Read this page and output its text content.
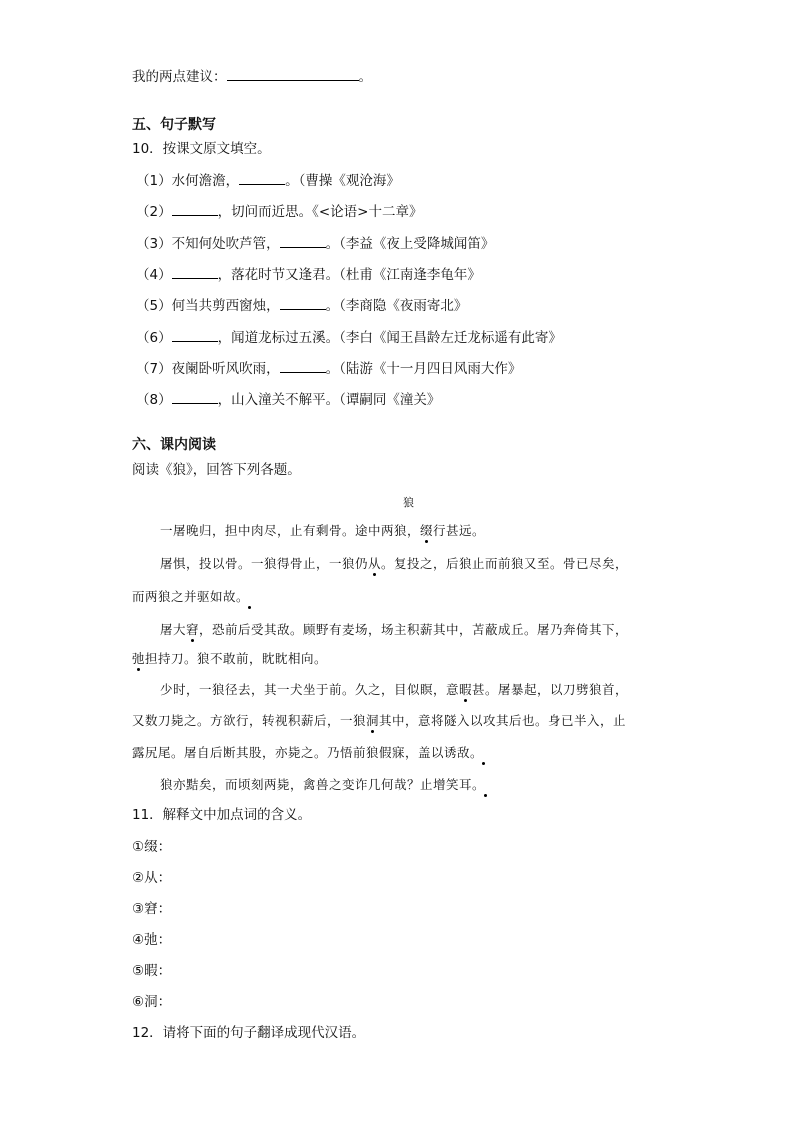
我的两点建议：	。
五、句子默写
10．按课文原文填空。
（1）水何澹澹，	。（曹操《观沧海》
（2）	，切问而近思。《<论语>十二章》
（3）不知何处吹芦管，	。（李益《夜上受降城闻笛》
（4）	，落花时节又逢君。（杜甫《江南逢李龟年》
（5）何当共剪西窗烛，	。（李商隐《夜雨寄北》
（6）	，闻道龙标过五溪。（李白《闻王昌龄左迁龙标遥有此寄》
（7）夜阑卧听风吹雨，	。（陆游《十一月四日风雨大作》
（8）	，山入潼关不解平。（谭嗣同《潼关》
六、课内阅读
阅读《狼》，回答下列各题。
狼
一屠晚归，担中肉尽，止有剩骨。途中两狼，缀行甚远。
屠惧，投以骨。一狼得骨止，一狼仍从。复投之，后狼止而前狼又至。骨已尽矣，
而两狼之并驱如故。
屠大窘，恐前后受其敌。顾野有麦场，场主积薪其中，苫蔽成丘。屠乃奔倚其下，
弛担持刀。狼不敢前，眈眈相向。
少时，一狼径去，其一犬坐于前。久之，目似瞑，意暇甚。屠暴起，以刀劈狼首，
又数刀毙之。方欲行，转视积薪后，一狼洞其中，意将隧入以攻其后也。身已半入，止
露尻尾。屠自后断其股，亦毙之。乃悟前狼假寐，盖以诱敌。
狼亦黠矣，而顷刻两毙，禽兽之变诈几何哉？止增笑耳。
11．解释文中加点词的含义。
①缀：
②从：
③窘：
④弛：
⑤暇：
⑥洞：
12．请将下面的句子翻译成现代汉语。
